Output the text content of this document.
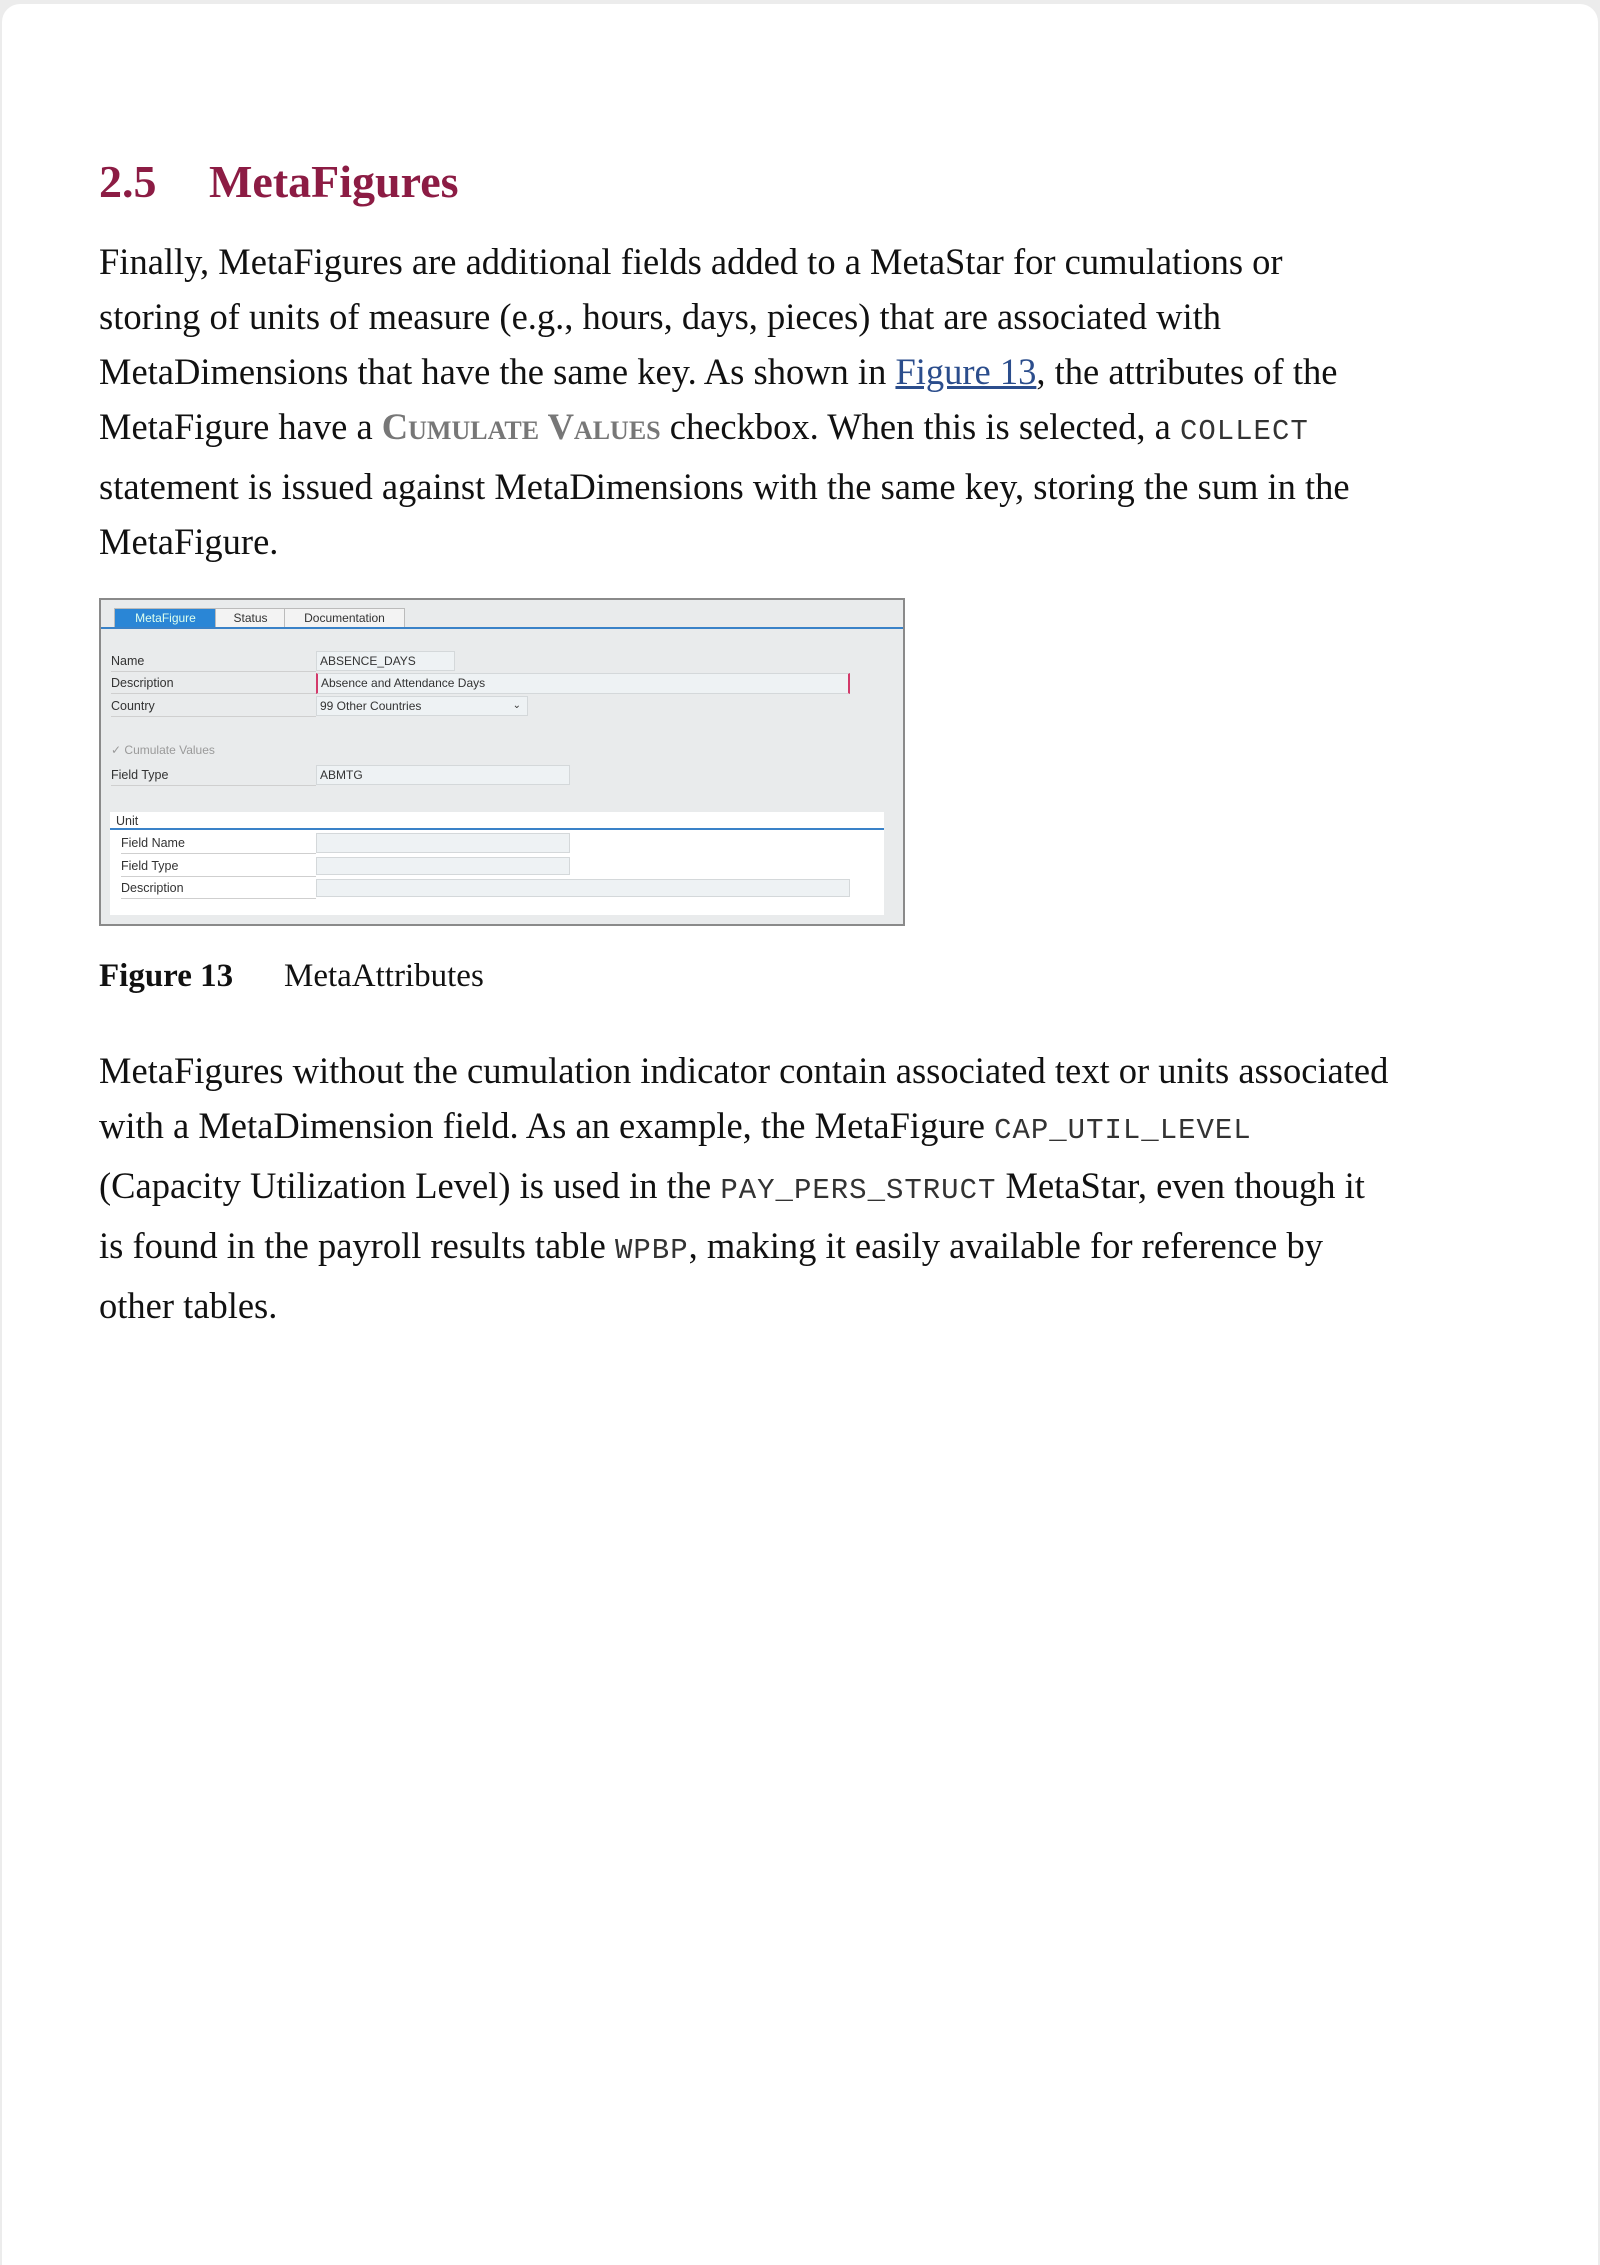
2.5 MetaFigures
Finally, MetaFigures are additional fields added to a MetaStar for cumulations or
storing of units of measure (e.g., hours, days, pieces) that are associated with
MetaDimensions that have the same key. As shown in Figure 13, the attributes of the
MetaFigure have a Cumulate Values checkbox. When this is selected, a COLLECT
statement is issued against MetaDimensions with the same key, storing the sum in the
MetaFigure.
MetaFigure	Status	Documentation
Name	ABSENCE_DAYS
Description	Absence and Attendance Days
Country	99 Other Countries	⌄
✓ Cumulate Values
Field Type	ABMTG
Unit
Field Name
Field Type
Description
Figure 13 MetaAttributes
MetaFigures without the cumulation indicator contain associated text or units associated
with a MetaDimension field. As an example, the MetaFigure CAP_UTIL_LEVEL
(Capacity Utilization Level) is used in the PAY_PERS_STRUCT MetaStar, even though it
is found in the payroll results table WPBP, making it easily available for reference by
other tables.
